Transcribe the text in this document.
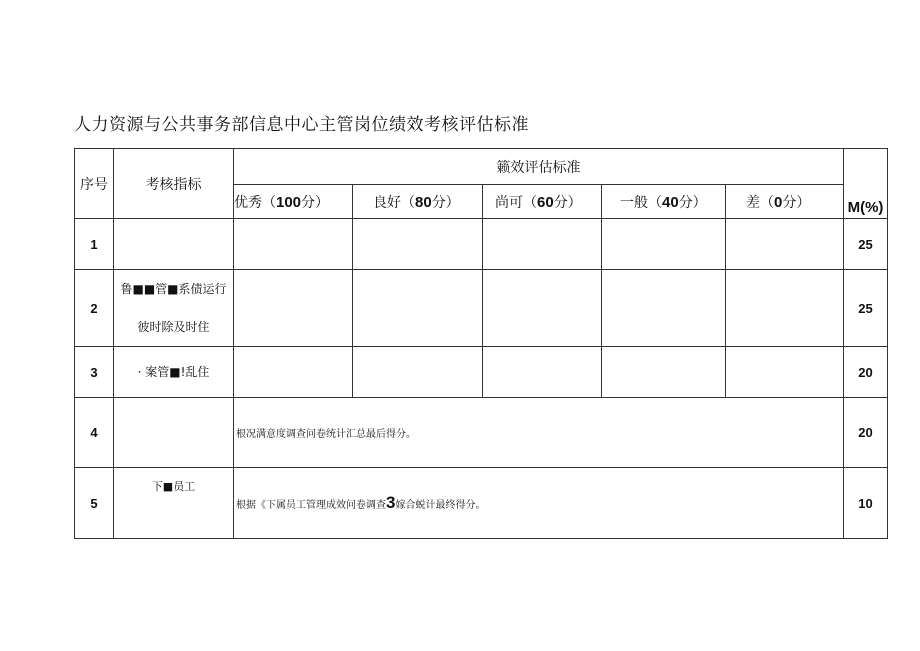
人力资源与公共事务部信息中心主管岗位绩效考核评估标准
序号	考核指标	籁效评估标准					M(%)
		优秀（100分）	良好（80分）	尚可（60分）	一般（40分）	差（0分）	
1							25
2	鲁■■管■系债运行
彼时除及时住						25
3	· 案管■!乱住						20
4		根况满意度调查问卷统计汇总最后得分。					20
5	下■员工	根据《下属员工管理成效问卷调查3嫁合蜕计最终得分。					10
